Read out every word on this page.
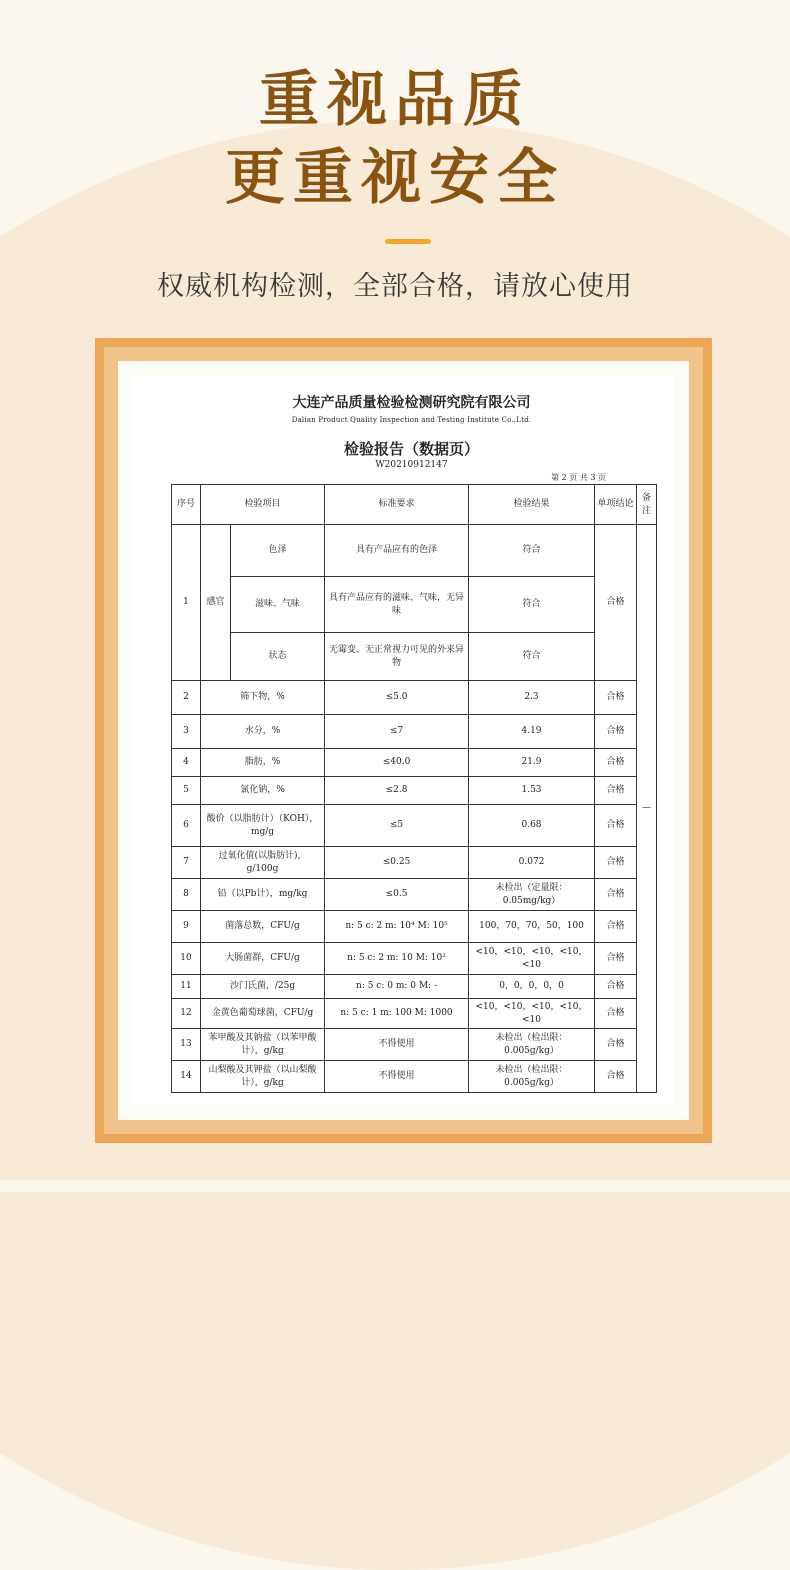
重视品质
更重视安全
权威机构检测，全部合格，请放心使用
大连产品质量检验检测研究院有限公司
Dalian Product Quality Inspection and Testing Institute Co.,Ltd.
检验报告（数据页）
W20210912147
第 2 页 共 3 页
序号	检验项目		标准要求	检验结果	单项结论	备注
1	感官	色泽	具有产品应有的色泽	符合	合格	—
		滋味、气味	具有产品应有的滋味、气味，无异味	符合		
		状态	无霉变、无正常视力可见的外来异物	符合		
2	筛下物，%		≤5.0	2.3	合格	
3	水分，%		≤7	4.19	合格	
4	脂肪，%		≤40.0	21.9	合格	
5	氯化钠，%		≤2.8	1.53	合格	
6	酸价（以脂肪计）（KOH），mg/g		≤5	0.68	合格	
7	过氧化值(以脂肪计)，g/100g		≤0.25	0.072	合格	
8	铅（以Pb计），mg/kg		≤0.5	未检出（定量限：0.05mg/kg）	合格	
9	菌落总数，CFU/g		n: 5 c: 2 m: 10⁴ M: 10⁵	100，70，70，50，100	合格	
10	大肠菌群，CFU/g		n: 5 c: 2 m: 10 M: 10²	<10，<10，<10，<10，<10	合格	
11	沙门氏菌，/25g		n: 5 c: 0 m: 0 M: -	0，0，0，0，0	合格	
12	金黄色葡萄球菌，CFU/g		n: 5 c: 1 m: 100 M: 1000	<10，<10，<10，<10，<10	合格	
13	苯甲酸及其钠盐（以苯甲酸计），g/kg		不得使用	未检出（检出限：0.005g/kg）	合格	
14	山梨酸及其钾盐（以山梨酸计），g/kg		不得使用	未检出（检出限：0.005g/kg）	合格	
